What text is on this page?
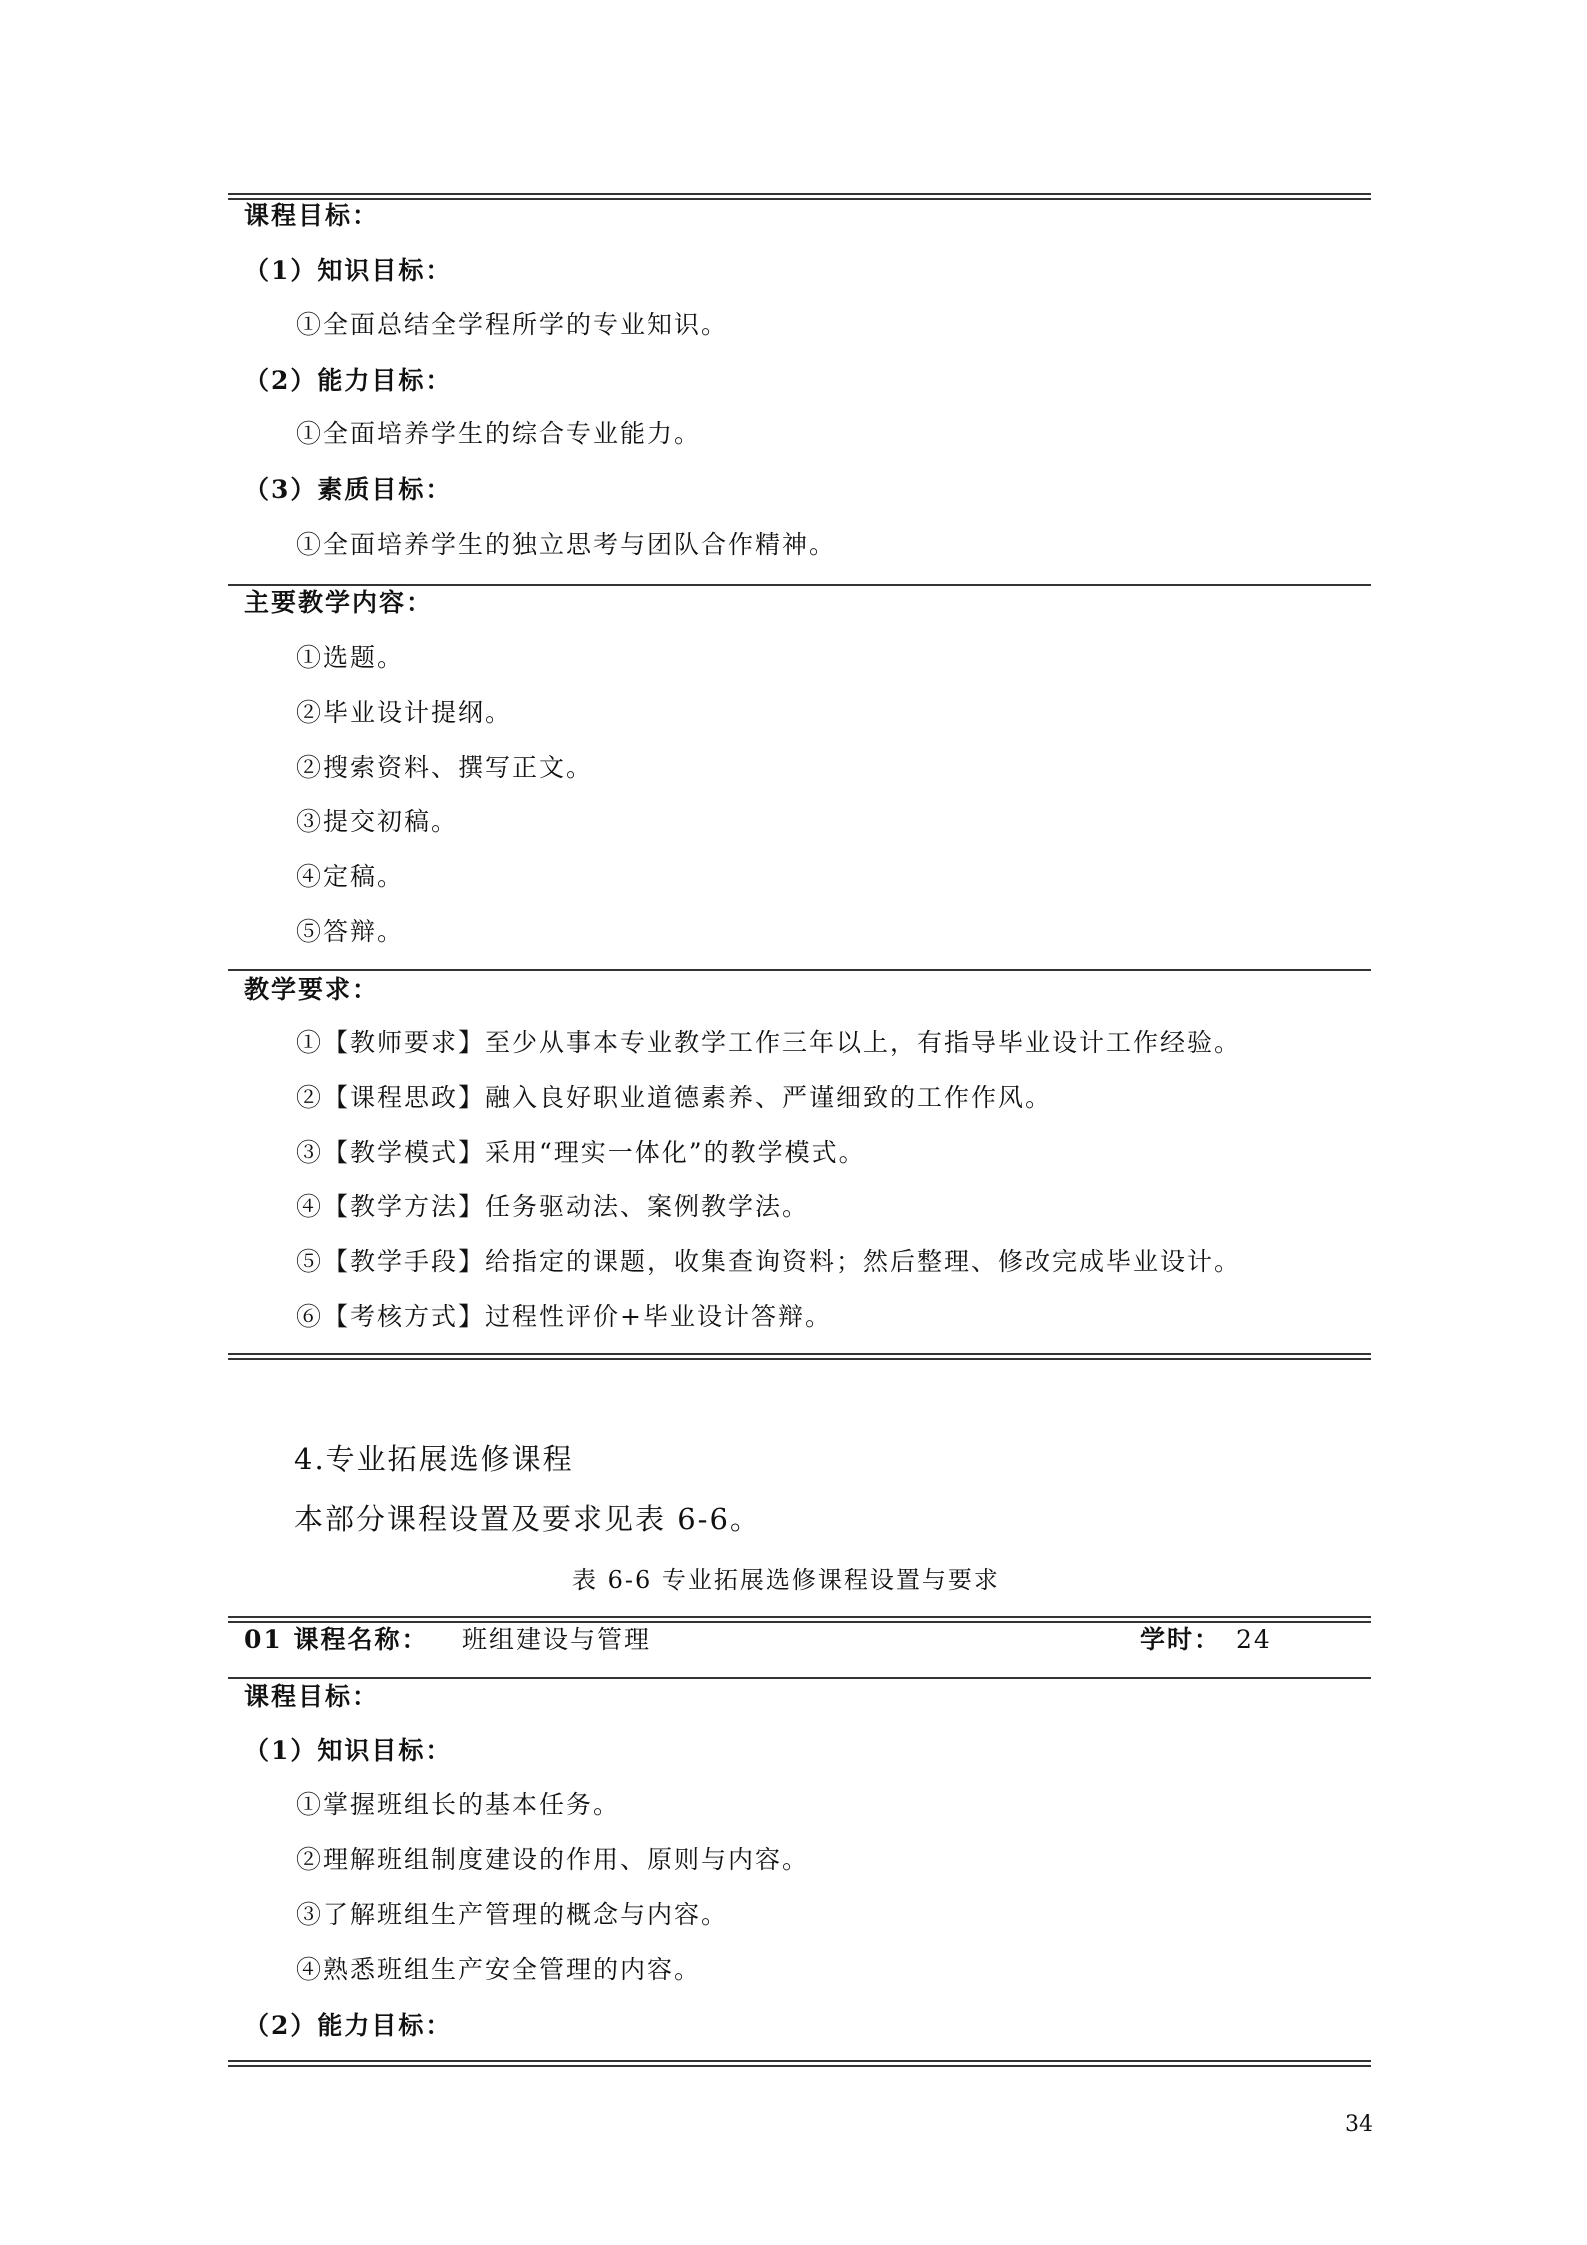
课程目标：
（1）知识目标：
①全面总结全学程所学的专业知识。
（2）能力目标：
①全面培养学生的综合专业能力。
（3）素质目标：
①全面培养学生的独立思考与团队合作精神。
主要教学内容：
①选题。
②毕业设计提纲。
②搜索资料、撰写正文。
③提交初稿。
④定稿。
⑤答辩。
教学要求：
①【教师要求】至少从事本专业教学工作三年以上，有指导毕业设计工作经验。
②【课程思政】融入良好职业道德素养、严谨细致的工作作风。
③【教学模式】采用“理实一体化”的教学模式。
④【教学方法】任务驱动法、案例教学法。
⑤【教学手段】给指定的课题，收集查询资料；然后整理、修改完成毕业设计。
⑥【考核方式】过程性评价+毕业设计答辩。
4.专业拓展选修课程
本部分课程设置及要求见表 6-6。
表 6-6 专业拓展选修课程设置与要求
01 课程名称： 班组建设与管理	学时： 24
课程目标：
（1）知识目标：
①掌握班组长的基本任务。
②理解班组制度建设的作用、原则与内容。
③了解班组生产管理的概念与内容。
④熟悉班组生产安全管理的内容。
（2）能力目标：
34
